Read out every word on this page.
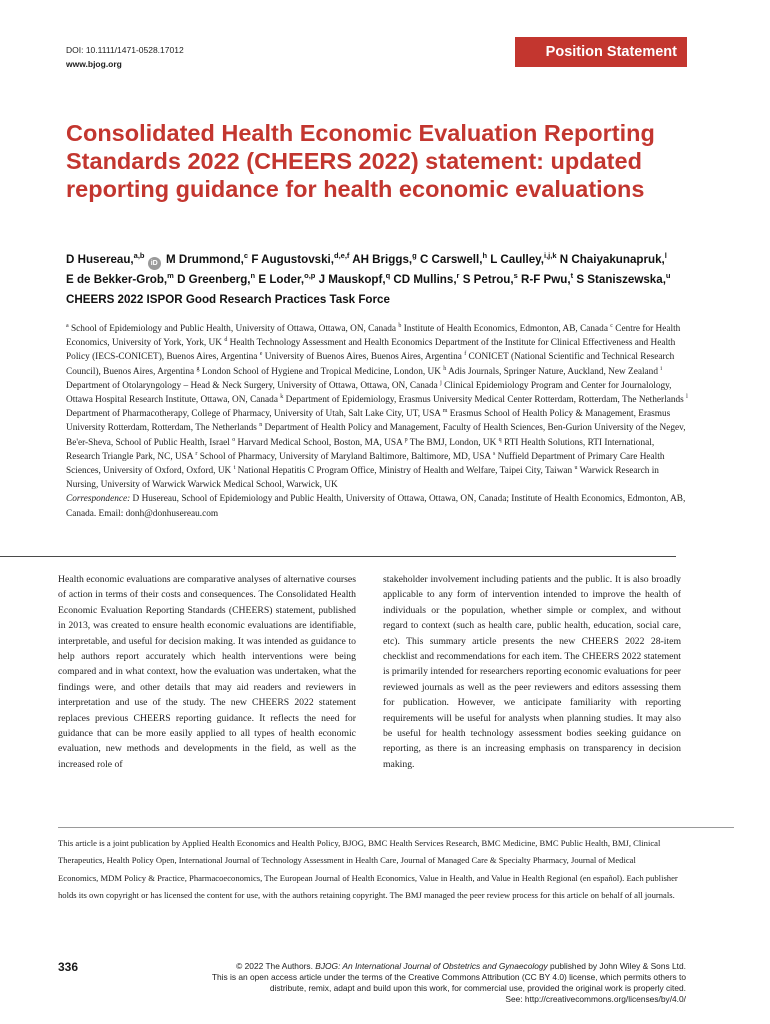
DOI: 10.1111/1471-0528.17012
www.bjog.org
Position Statement
Consolidated Health Economic Evaluation Reporting Standards 2022 (CHEERS 2022) statement: updated reporting guidance for health economic evaluations
D Husereau,$^{a,b}$ iD M Drummond,$^c$ F Augustovski,$^{d,e,f}$ AH Briggs,$^g$ C Carswell,$^h$ L Caulley,$^{i,j,k}$ N Chaiyakunapruk,$^l$ E de Bekker-Grob,$^m$ D Greenberg,$^n$ E Loder,$^{o,p}$ J Mauskopf,$^q$ CD Mullins,$^r$ S Petrou,$^s$ R-F Pwu,$^t$ S Staniszewska,$^u$ CHEERS 2022 ISPOR Good Research Practices Task Force
$^a$ School of Epidemiology and Public Health, University of Ottawa, Ottawa, ON, Canada $^b$ Institute of Health Economics, Edmonton, AB, Canada $^c$ Centre for Health Economics, University of York, York, UK $^d$ Health Technology Assessment and Health Economics Department of the Institute for Clinical Effectiveness and Health Policy (IECS-CONICET), Buenos Aires, Argentina $^e$ University of Buenos Aires, Buenos Aires, Argentina $^f$ CONICET (National Scientific and Technical Research Council), Buenos Aires, Argentina $^g$ London School of Hygiene and Tropical Medicine, London, UK $^h$ Adis Journals, Springer Nature, Auckland, New Zealand $^i$ Department of Otolaryngology – Head & Neck Surgery, University of Ottawa, Ottawa, ON, Canada $^j$ Clinical Epidemiology Program and Center for Journalology, Ottawa Hospital Research Institute, Ottawa, ON, Canada $^k$ Department of Epidemiology, Erasmus University Medical Center Rotterdam, Rotterdam, The Netherlands $^l$ Department of Pharmacotherapy, College of Pharmacy, University of Utah, Salt Lake City, UT, USA $^m$ Erasmus School of Health Policy & Management, Erasmus University Rotterdam, Rotterdam, The Netherlands $^n$ Department of Health Policy and Management, Faculty of Health Sciences, Ben-Gurion University of the Negev, Be'er-Sheva, School of Public Health, Israel $^o$ Harvard Medical School, Boston, MA, USA $^p$ The BMJ, London, UK $^q$ RTI Health Solutions, RTI International, Research Triangle Park, NC, USA $^r$ School of Pharmacy, University of Maryland Baltimore, Baltimore, MD, USA $^s$ Nuffield Department of Primary Care Health Sciences, University of Oxford, Oxford, UK $^t$ National Hepatitis C Program Office, Ministry of Health and Welfare, Taipei City, Taiwan $^u$ Warwick Research in Nursing, University of Warwick Warwick Medical School, Warwick, UK
Correspondence: D Husereau, School of Epidemiology and Public Health, University of Ottawa, Ottawa, ON, Canada; Institute of Health Economics, Edmonton, AB, Canada. Email: donh@donhusereau.com
Health economic evaluations are comparative analyses of alternative courses of action in terms of their costs and consequences. The Consolidated Health Economic Evaluation Reporting Standards (CHEERS) statement, published in 2013, was created to ensure health economic evaluations are identifiable, interpretable, and useful for decision making. It was intended as guidance to help authors report accurately which health interventions were being compared and in what context, how the evaluation was undertaken, what the findings were, and other details that may aid readers and reviewers in interpretation and use of the study. The new CHEERS 2022 statement replaces previous CHEERS reporting guidance. It reflects the need for guidance that can be more easily applied to all types of health economic evaluation, new methods and developments in the field, as well as the increased role of
stakeholder involvement including patients and the public. It is also broadly applicable to any form of intervention intended to improve the health of individuals or the population, whether simple or complex, and without regard to context (such as health care, public health, education, social care, etc). This summary article presents the new CHEERS 2022 28-item checklist and recommendations for each item. The CHEERS 2022 statement is primarily intended for researchers reporting economic evaluations for peer reviewed journals as well as the peer reviewers and editors assessing them for publication. However, we anticipate familiarity with reporting requirements will be useful for analysts when planning studies. It may also be useful for health technology assessment bodies seeking guidance on reporting, as there is an increasing emphasis on transparency in decision making.
This article is a joint publication by Applied Health Economics and Health Policy, BJOG, BMC Health Services Research, BMC Medicine, BMC Public Health, BMJ, Clinical Therapeutics, Health Policy Open, International Journal of Technology Assessment in Health Care, Journal of Managed Care & Specialty Pharmacy, Journal of Medical Economics, MDM Policy & Practice, Pharmacoeconomics, The European Journal of Health Economics, Value in Health, and Value in Health Regional (en español). Each publisher holds its own copyright or has licensed the content for use, with the authors retaining copyright. The BMJ managed the peer review process for this article on behalf of all journals.
336	© 2022 The Authors. BJOG: An International Journal of Obstetrics and Gynaecology published by John Wiley & Sons Ltd.
This is an open access article under the terms of the Creative Commons Attribution (CC BY 4.0) license, which permits others to
distribute, remix, adapt and build upon this work, for commercial use, provided the original work is properly cited.
See: http://creativecommons.org/licenses/by/4.0/
